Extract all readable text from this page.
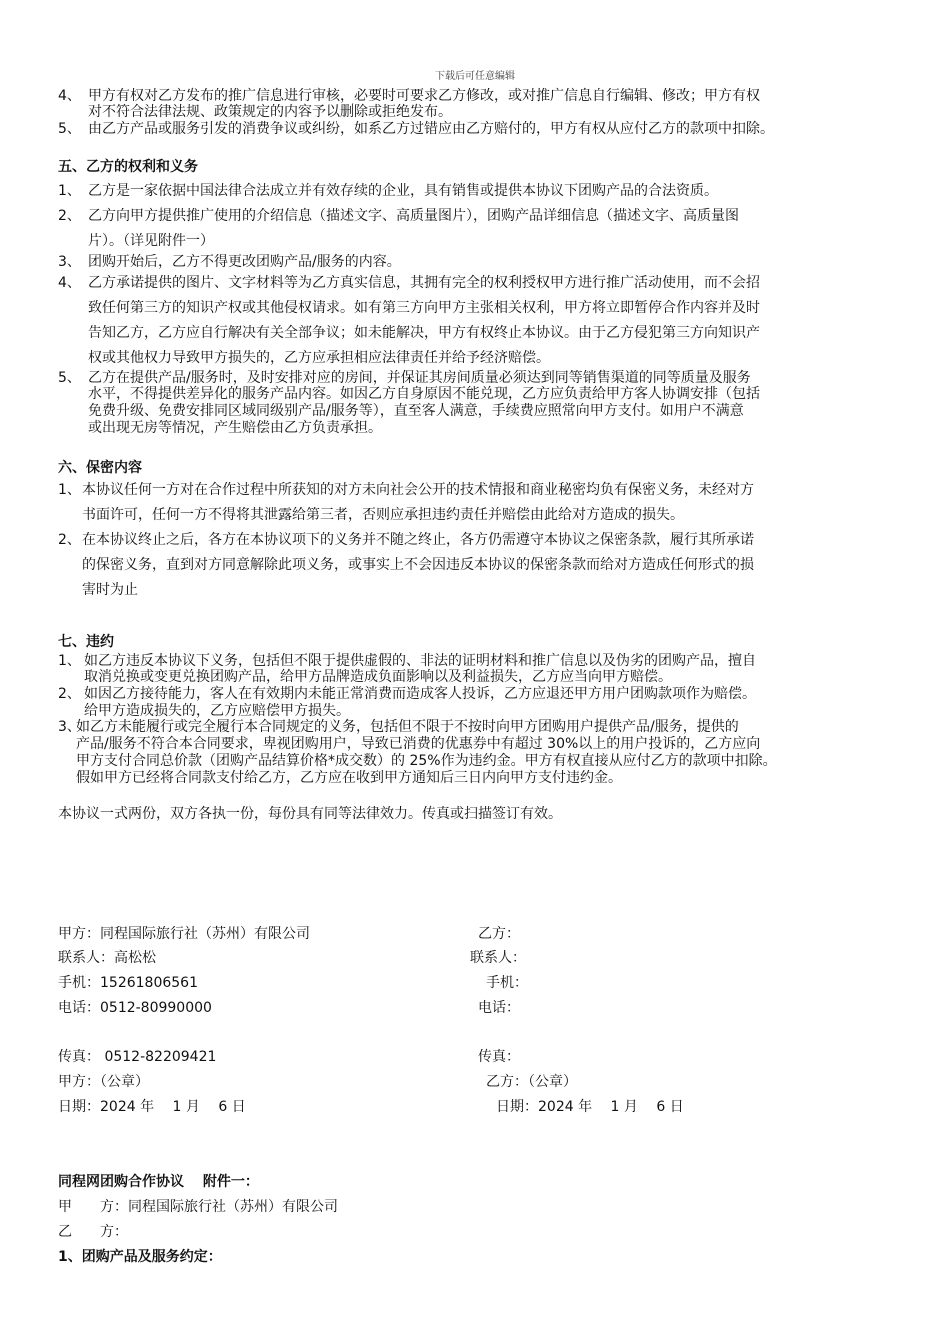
下载后可任意编辑
4、 甲方有权对乙方发布的推广信息进行审核，必要时可要求乙方修改，或对推广信息自行编辑、修改；甲方有权
对不符合法律法规、政策规定的内容予以删除或拒绝发布。
5、 由乙方产品或服务引发的消费争议或纠纷，如系乙方过错应由乙方赔付的，甲方有权从应付乙方的款项中扣除。
五、乙方的权利和义务
1、 乙方是一家依据中国法律合法成立并有效存续的企业，具有销售或提供本协议下团购产品的合法资质。
2、 乙方向甲方提供推广使用的介绍信息（描述文字、高质量图片），团购产品详细信息（描述文字、高质量图
片）。（详见附件一）
3、 团购开始后，乙方不得更改团购产品/服务的内容。
4、 乙方承诺提供的图片、文字材料等为乙方真实信息，其拥有完全的权利授权甲方进行推广活动使用，而不会招
致任何第三方的知识产权或其他侵权请求。如有第三方向甲方主张相关权利，甲方将立即暂停合作内容并及时
告知乙方，乙方应自行解决有关全部争议；如未能解决，甲方有权终止本协议。由于乙方侵犯第三方向知识产
权或其他权力导致甲方损失的，乙方应承担相应法律责任并给予经济赔偿。
5、 乙方在提供产品/服务时，及时安排对应的房间，并保证其房间质量必须达到同等销售渠道的同等质量及服务
水平，不得提供差异化的服务产品内容。如因乙方自身原因不能兑现，乙方应负责给甲方客人协调安排（包括
免费升级、免费安排同区域同级别产品/服务等），直至客人满意，手续费应照常向甲方支付。如用户不满意
或出现无房等情况，产生赔偿由乙方负责承担。
六、保密内容
1、 本协议任何一方对在合作过程中所获知的对方未向社会公开的技术情报和商业秘密均负有保密义务，未经对方
书面许可，任何一方不得将其泄露给第三者，否则应承担违约责任并赔偿由此给对方造成的损失。
2、 在本协议终止之后，各方在本协议项下的义务并不随之终止，各方仍需遵守本协议之保密条款，履行其所承诺
的保密义务，直到对方同意解除此项义务，或事实上不会因违反本协议的保密条款而给对方造成任何形式的损
害时为止
七、违约
1、 如乙方违反本协议下义务，包括但不限于提供虚假的、非法的证明材料和推广信息以及伪劣的团购产品，擅自
取消兑换或变更兑换团购产品，给甲方品牌造成负面影响以及利益损失，乙方应当向甲方赔偿。
2、 如因乙方接待能力，客人在有效期内未能正常消费而造成客人投诉，乙方应退还甲方用户团购款项作为赔偿。
给甲方造成损失的，乙方应赔偿甲方损失。
3、
如乙方未能履行或完全履行本合同规定的义务，包括但不限于不按时向甲方团购用户提供产品/服务，提供的
产品/服务不符合本合同要求，卑视团购用户，导致已消费的优惠券中有超过 30%以上的用户投诉的，乙方应向
甲方支付合同总价款（团购产品结算价格*成交数）的 25%作为违约金。甲方有权直接从应付乙方的款项中扣除。
假如甲方已经将合同款支付给乙方，乙方应在收到甲方通知后三日内向甲方支付违约金。
本协议一式两份，双方各执一份，每份具有同等法律效力。传真或扫描签订有效。
甲方：同程国际旅行社（苏州）有限公司	乙方：
联系人：高松松	联系人：
手机：15261806561	手机：
电话：0512-80990000	电话：
传真： 0512-82209421	传真：
甲方：（公章）	乙方：（公章）
日期：2024 年　 1 月　 6 日	日期：2024 年　 1 月　 6 日
同程网团购合作协议　 附件一：
甲　　方：同程国际旅行社（苏州）有限公司
乙　　方：
1、团购产品及服务约定：
